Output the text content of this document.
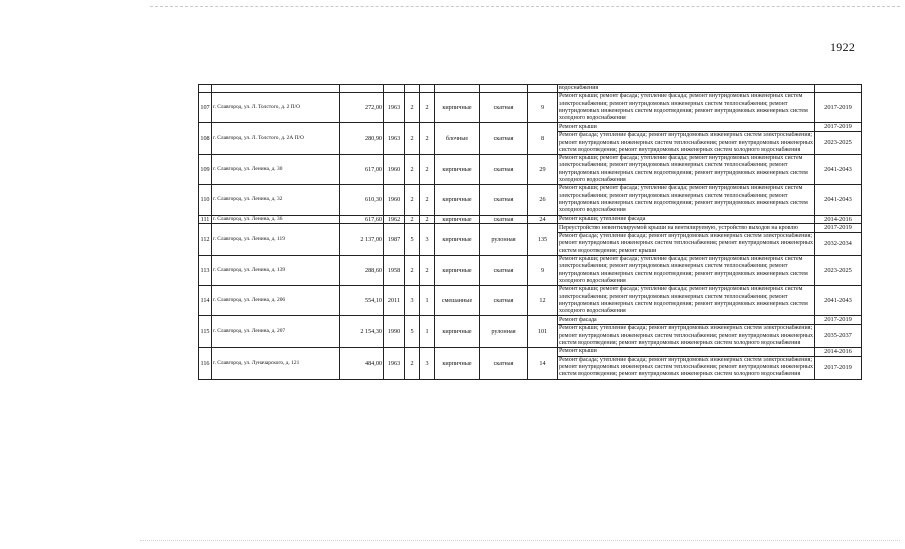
1922
									водоснабжения	
107	г. Славгород, ул. Л. Толстого, д. 2 П/О	272,00	1963	2	2	кирпичные	скатная	9	Ремонт крыши; ремонт фасада; утепление фасада; ремонт внутридомовых инженерных систем электроснабжения; ремонт внутридомовых инженерных систем теплоснабжения; ремонт внутридомовых инженерных систем водоотведения; ремонт внутридомовых инженерных систем холодного водоснабжения	2017-2019
108	г. Славгород, ул. Л. Толстого, д. 2А П/О	280,90	1963	2	2	блочные	скатная	8	Ремонт крыши	2017-2019
									Ремонт фасада; утепление фасада; ремонт внутридомовых инженерных систем электроснабжения; ремонт внутридомовых инженерных систем теплоснабжения; ремонт внутридомовых инженерных систем водоотведения; ремонт внутридомовых инженерных систем холодного водоснабжения	2023-2025
109	г. Славгород, ул. Ленина, д. 30	617,00	1960	2	2	кирпичные	скатная	29	Ремонт крыши; ремонт фасада; утепление фасада; ремонт внутридомовых инженерных систем электроснабжения; ремонт внутридомовых инженерных систем теплоснабжения; ремонт внутридомовых инженерных систем водоотведения; ремонт внутридомовых инженерных систем холодного водоснабжения	2041-2043
110	г. Славгород, ул. Ленина, д. 32	610,30	1960	2	2	кирпичные	скатная	26	Ремонт крыши; ремонт фасада; утепление фасада; ремонт внутридомовых инженерных систем электроснабжения; ремонт внутридомовых инженерных систем теплоснабжения; ремонт внутридомовых инженерных систем водоотведения; ремонт внутридомовых инженерных систем холодного водоснабжения	2041-2043
111	г. Славгород, ул. Ленина, д. 36	617,60	1962	2	2	кирпичные	скатная	24	Ремонт крыши; утепление фасада	2014-2016
112	г. Славгород, ул. Ленина, д. 119	2 137,00	1987	5	3	кирпичные	рулонная	135	Переустройство невентилируемой крыши на вентилируемую, устройство выходов на кровлю	2017-2019
									Ремонт фасада; утепление фасада; ремонт внутридомовых инженерных систем электроснабжения; ремонт внутридомовых инженерных систем теплоснабжения; ремонт внутридомовых инженерных систем водоотведения; ремонт крыши	2032-2034
113	г. Славгород, ул. Ленина, д. 139	288,60	1958	2	2	кирпичные	скатная	9	Ремонт крыши; ремонт фасада; утепление фасада; ремонт внутридомовых инженерных систем электроснабжения; ремонт внутридомовых инженерных систем теплоснабжения; ремонт внутридомовых инженерных систем водоотведения; ремонт внутридомовых инженерных систем холодного водоснабжения	2023-2025
114	г. Славгород, ул. Ленина, д. 206	554,10	2011	3	1	смешанные	скатная	12	Ремонт крыши; ремонт фасада; утепление фасада; ремонт внутридомовых инженерных систем электроснабжения; ремонт внутридомовых инженерных систем теплоснабжения; ремонт внутридомовых инженерных систем водоотведения; ремонт внутридомовых инженерных систем холодного водоснабжения	2041-2043
115	г. Славгород, ул. Ленина, д. 207	2 154,30	1990	5	1	кирпичные	рулонная	101	Ремонт фасада	2017-2019
									Ремонт крыши; утепление фасада; ремонт внутридомовых инженерных систем электроснабжения; ремонт внутридомовых инженерных систем теплоснабжения; ремонт внутридомовых инженерных систем водоотведения; ремонт внутридомовых инженерных систем холодного водоснабжения	2035-2037
116	г. Славгород, ул. Луначарского, д. 121	484,00	1963	2	3	кирпичные	скатная	14	Ремонт крыши	2014-2016
									Ремонт фасада; утепление фасада; ремонт внутридомовых инженерных систем электроснабжения; ремонт внутридомовых инженерных систем теплоснабжения; ремонт внутридомовых инженерных систем водоотведения; ремонт внутридомовых инженерных систем холодного водоснабжения	2017-2019
